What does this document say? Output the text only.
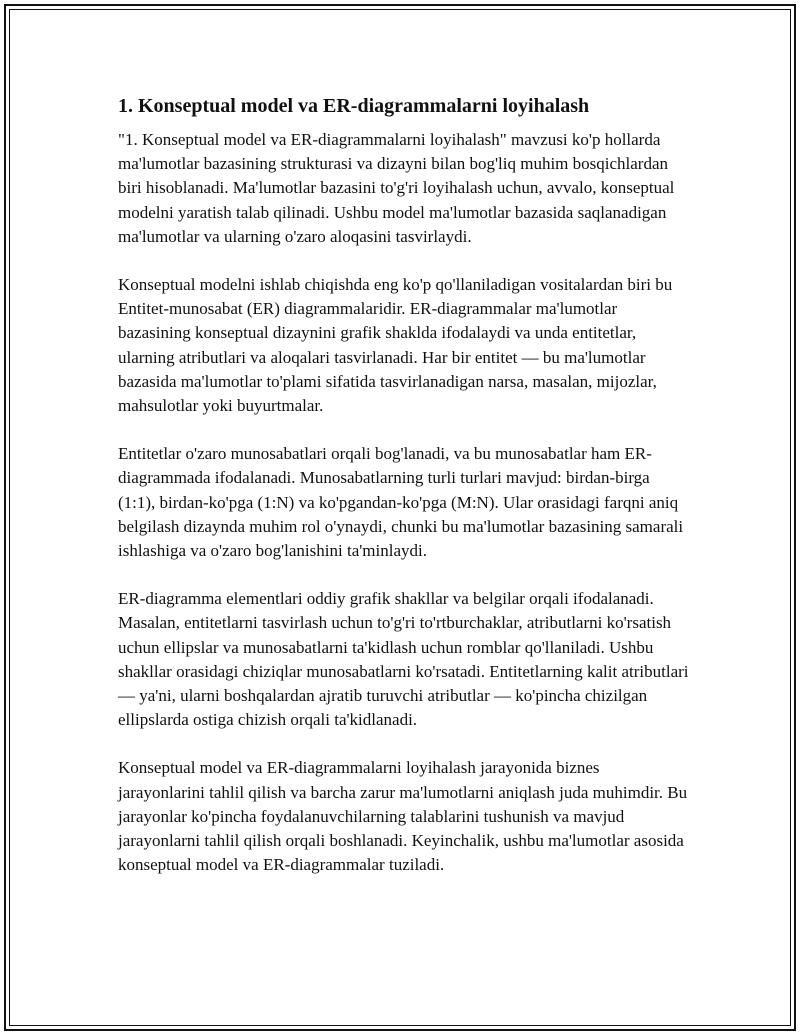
1. Konseptual model va ER-diagrammalarni loyihalash

"1. Konseptual model va ER-diagrammalarni loyihalash" mavzusi ko'p hollarda ma'lumotlar bazasining strukturasi va dizayni bilan bog'liq muhim bosqichlardan biri hisoblanadi. Ma'lumotlar bazasini to'g'ri loyihalash uchun, avvalo, konseptual modelni yaratish talab qilinadi. Ushbu model ma'lumotlar bazasida saqlanadigan ma'lumotlar va ularning o'zaro aloqasini tasvirlaydi.

Konseptual modelni ishlab chiqishda eng ko'p qo'llaniladigan vositalardan biri bu Entitet-munosabat (ER) diagrammalaridir. ER-diagrammalar ma'lumotlar bazasining konseptual dizaynini grafik shaklda ifodalaydi va unda entitetlar, ularning atributlari va aloqalari tasvirlanadi. Har bir entitet — bu ma'lumotlar bazasida ma'lumotlar to'plami sifatida tasvirlanadigan narsa, masalan, mijozlar, mahsulotlar yoki buyurtmalar.

Entitetlar o'zaro munosabatlari orqali bog'lanadi, va bu munosabatlar ham ER-diagrammada ifodalanadi. Munosabatlarning turli turlari mavjud: birdan-birga (1:1), birdan-ko'pga (1:N) va ko'pgandan-ko'pga (M:N). Ular orasidagi farqni aniq belgilash dizaynda muhim rol o'ynaydi, chunki bu ma'lumotlar bazasining samarali ishlashiga va o'zaro bog'lanishini ta'minlaydi.

ER-diagramma elementlari oddiy grafik shakllar va belgilar orqali ifodalanadi. Masalan, entitetlarni tasvirlash uchun to'g'ri to'rtburchaklar, atributlarni ko'rsatish uchun ellipslar va munosabatlarni ta'kidlash uchun romblar qo'llaniladi. Ushbu shakllar orasidagi chiziqlar munosabatlarni ko'rsatadi. Entitetlarning kalit atributlari — ya'ni, ularni boshqalardan ajratib turuvchi atributlar — ko'pincha chizilgan ellipslarda ostiga chizish orqali ta'kidlanadi.

Konseptual model va ER-diagrammalarni loyihalash jarayonida biznes jarayonlarini tahlil qilish va barcha zarur ma'lumotlarni aniqlash juda muhimdir. Bu jarayonlar ko'pincha foydalanuvchilarning talablarini tushunish va mavjud jarayonlarni tahlil qilish orqali boshlanadi. Keyinchalik, ushbu ma'lumotlar asosida konseptual model va ER-diagrammalar tuziladi.
